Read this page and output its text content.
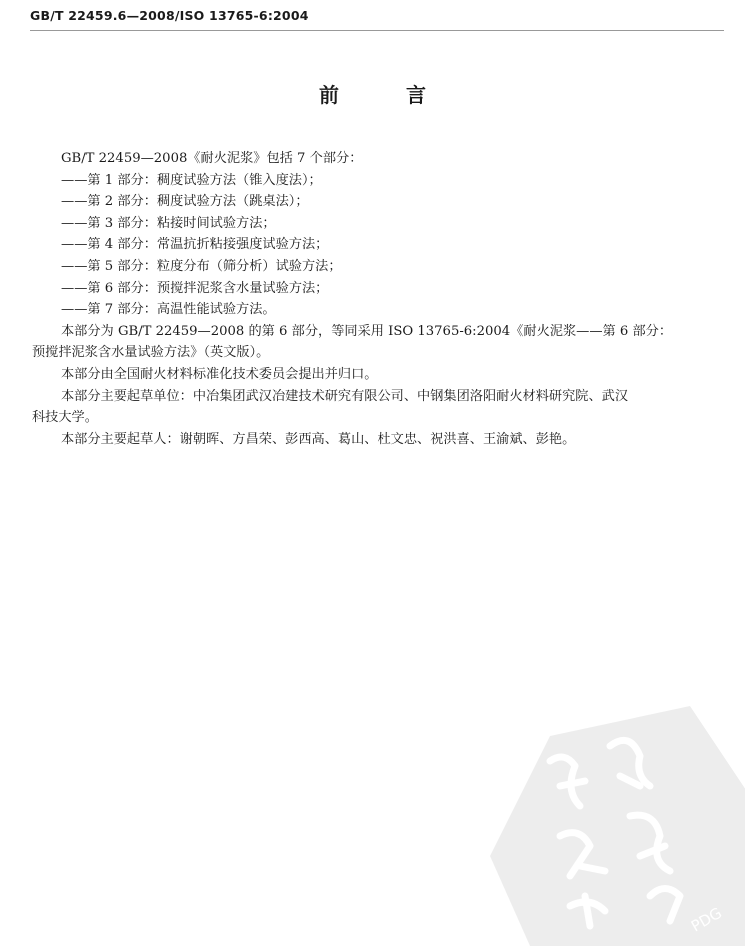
GB/T 22459.6—2008/ISO 13765-6:2004
前 言
GB/T 22459—2008《耐火泥浆》包括 7 个部分：
——第 1 部分：稠度试验方法（锥入度法）；
——第 2 部分：稠度试验方法（跳桌法）；
——第 3 部分：粘接时间试验方法；
——第 4 部分：常温抗折粘接强度试验方法；
——第 5 部分：粒度分布（筛分析）试验方法；
——第 6 部分：预搅拌泥浆含水量试验方法；
——第 7 部分：高温性能试验方法。
本部分为 GB/T 22459—2008 的第 6 部分，等同采用 ISO 13765-6:2004《耐火泥浆——第 6 部分：
预搅拌泥浆含水量试验方法》（英文版）。
本部分由全国耐火材料标准化技术委员会提出并归口。
本部分主要起草单位：中冶集团武汉冶建技术研究有限公司、中钢集团洛阳耐火材料研究院、武汉
科技大学。
本部分主要起草人：谢朝晖、方昌荣、彭西高、葛山、杜文忠、祝洪喜、王渝斌、彭艳。
PDG
